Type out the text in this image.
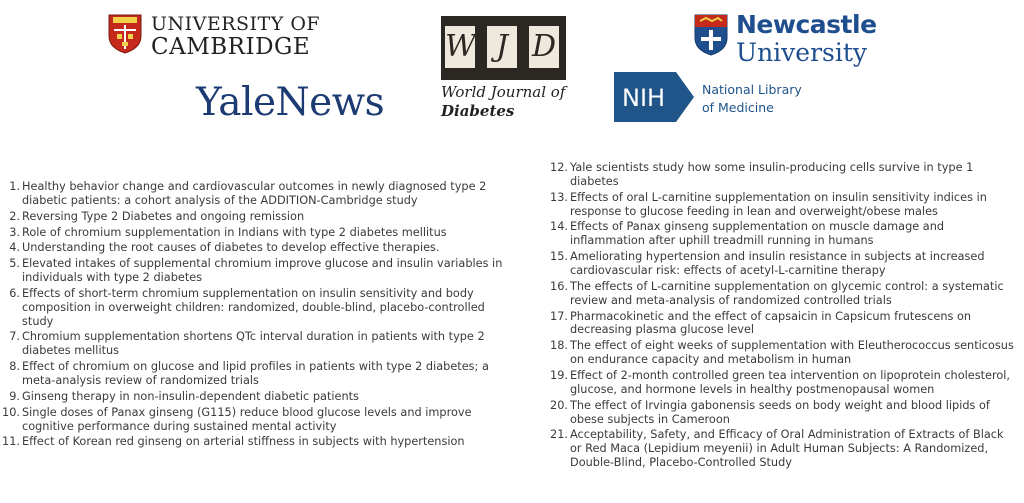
UNIVERSITY OF
CAMBRIDGE
YaleNews
W J D
World Journal of
Diabetes
Newcastle
University
NIH	National Library
of Medicine
1. Healthy behavior change and cardiovascular outcomes in newly diagnosed type 2 diabetic patients: a cohort analysis of the ADDITION-Cambridge study
2. Reversing Type 2 Diabetes and ongoing remission
3. Role of chromium supplementation in Indians with type 2 diabetes mellitus
4. Understanding the root causes of diabetes to develop effective therapies.
5. Elevated intakes of supplemental chromium improve glucose and insulin variables in individuals with type 2 diabetes
6. Effects of short-term chromium supplementation on insulin sensitivity and body composition in overweight children: randomized, double-blind, placebo-controlled study
7. Chromium supplementation shortens QTc interval duration in patients with type 2 diabetes mellitus
8. Effect of chromium on glucose and lipid profiles in patients with type 2 diabetes; a meta-analysis review of randomized trials
9. Ginseng therapy in non-insulin-dependent diabetic patients
10. Single doses of Panax ginseng (G115) reduce blood glucose levels and improve cognitive performance during sustained mental activity
11. Effect of Korean red ginseng on arterial stiffness in subjects with hypertension
12. Yale scientists study how some insulin-producing cells survive in type 1 diabetes
13. Effects of oral L-carnitine supplementation on insulin sensitivity indices in response to glucose feeding in lean and overweight/obese males
14. Effects of Panax ginseng supplementation on muscle damage and inflammation after uphill treadmill running in humans
15. Ameliorating hypertension and insulin resistance in subjects at increased cardiovascular risk: effects of acetyl-L-carnitine therapy
16. The effects of L-carnitine supplementation on glycemic control: a systematic review and meta-analysis of randomized controlled trials
17. Pharmacokinetic and the effect of capsaicin in Capsicum frutescens on decreasing plasma glucose level
18. The effect of eight weeks of supplementation with Eleutherococcus senticosus on endurance capacity and metabolism in human
19. Effect of 2-month controlled green tea intervention on lipoprotein cholesterol, glucose, and hormone levels in healthy postmenopausal women
20. The effect of Irvingia gabonensis seeds on body weight and blood lipids of obese subjects in Cameroon
21. Acceptability, Safety, and Efficacy of Oral Administration of Extracts of Black or Red Maca (Lepidium meyenii) in Adult Human Subjects: A Randomized, Double-Blind, Placebo-Controlled Study
